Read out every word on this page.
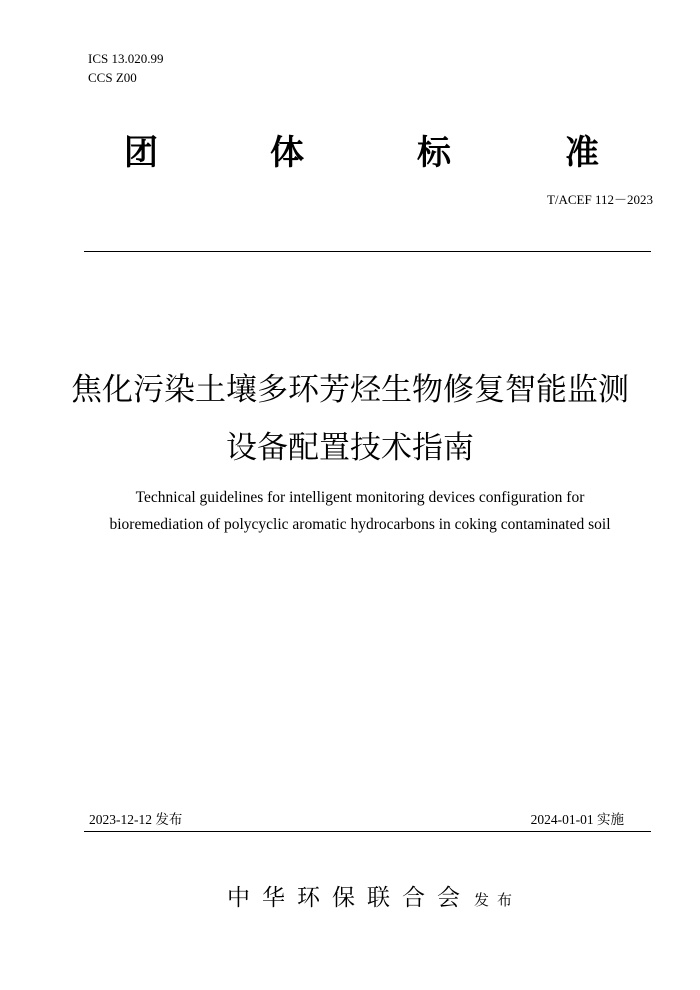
ICS 13.020.99
CCS Z00
团	体	标	准
T/ACEF 112－2023
焦化污染土壤多环芳烃生物修复智能监测
设备配置技术指南
Technical guidelines for intelligent monitoring devices configuration for
bioremediation of polycyclic aromatic hydrocarbons in coking contaminated soil
2023-12-12 发布	2024-01-01 实施
中华环保联合会 发布
